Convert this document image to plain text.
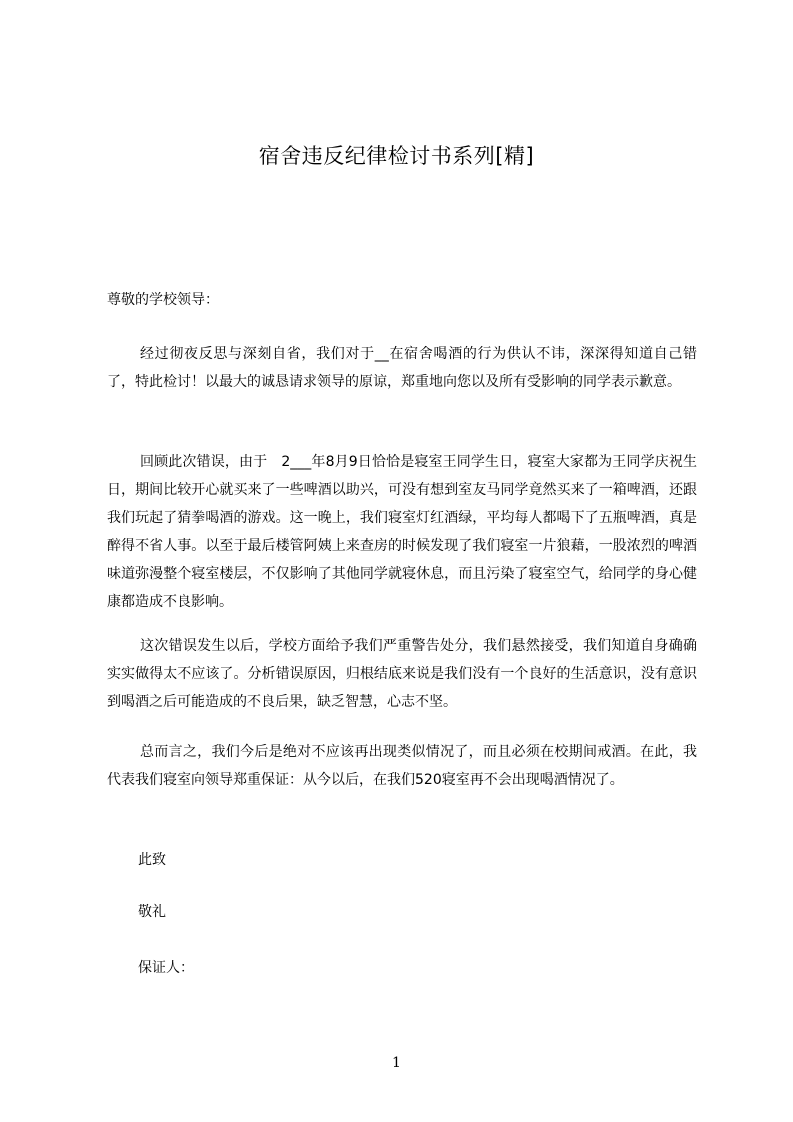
宿舍违反纪律检讨书系列[精]

尊敬的学校领导：

经过彻夜反思与深刻自省，我们对于__在宿舍喝酒的行为供认不讳，深深得知道自己错了，特此检讨！以最大的诚恳请求领导的原谅，郑重地向您以及所有受影响的同学表示歉意。

回顾此次错误，由于　2___年8月9日恰恰是寝室王同学生日，寝室大家都为王同学庆祝生日，期间比较开心就买来了一些啤酒以助兴，可没有想到室友马同学竟然买来了一箱啤酒，还跟我们玩起了猜拳喝酒的游戏。这一晚上，我们寝室灯红酒绿，平均每人都喝下了五瓶啤酒，真是醉得不省人事。以至于最后楼管阿姨上来查房的时候发现了我们寝室一片狼藉，一股浓烈的啤酒味道弥漫整个寝室楼层，不仅影响了其他同学就寝休息，而且污染了寝室空气，给同学的身心健康都造成不良影响。

这次错误发生以后，学校方面给予我们严重警告处分，我们悬然接受，我们知道自身确确实实做得太不应该了。分析错误原因，归根结底来说是我们没有一个良好的生活意识，没有意识到喝酒之后可能造成的不良后果，缺乏智慧，心志不坚。

总而言之，我们今后是绝对不应该再出现类似情况了，而且必须在校期间戒酒。在此，我代表我们寝室向领导郑重保证：从今以后，在我们520寝室再不会出现喝酒情况了。

此致

敬礼

保证人：

1
